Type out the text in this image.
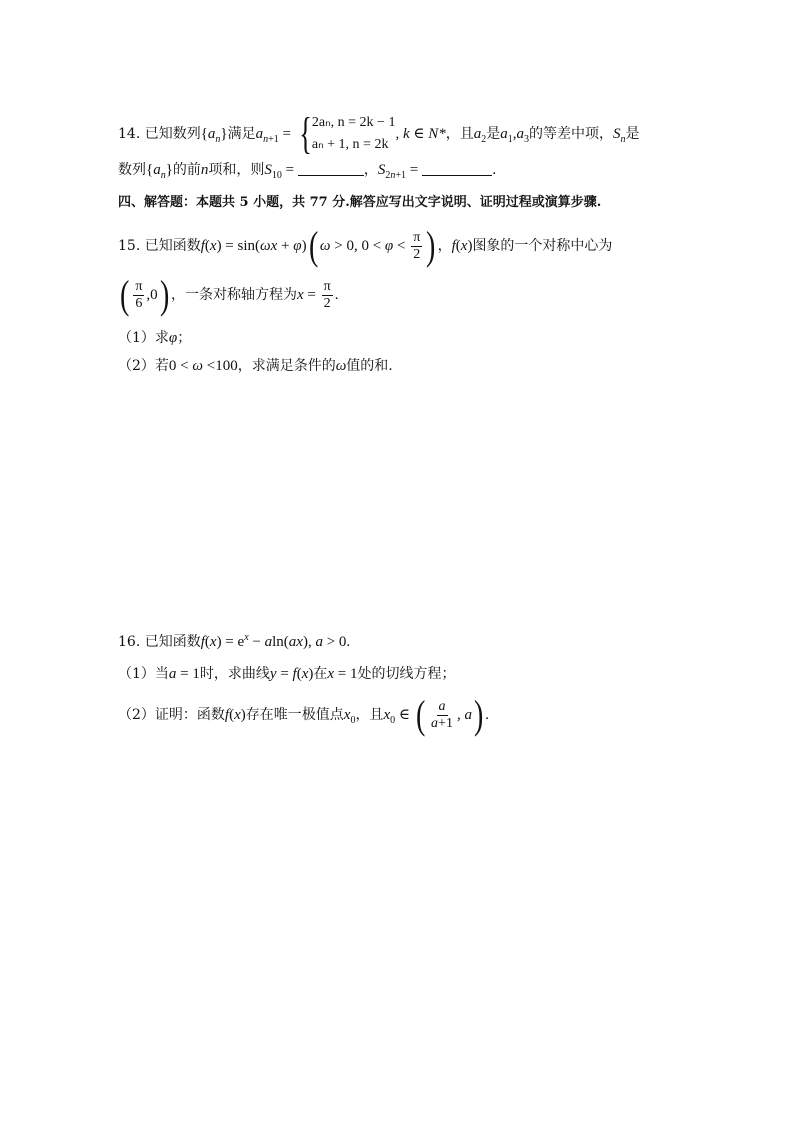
14. 已知数列$\{a_n\}$满足$a_{n+1}$ = { 2aₙ, n = 2k − 1
aₙ + 1, n = 2k
, k ∈ N*，且$a_2$是$a_1,a_3$的等差中项，$S_n$是
数列$\{a_n\}$的前n项和，则$S_{10}$ =	，$S_{2n+1}$ =	.
四、解答题：本题共 5 小题，共 77 分.解答应写出文字说明、证明过程或演算步骤.
15. 已知函数f(x) = sin(ωx + φ)( ω > 0, $0 < \varphi < \frac{\pi}{2}$ ) ，f(x)图象的一个对称中心为
( $\frac{\pi}{6} ,0$) ，一条对称轴方程为$x = \frac{\pi}{2}$ .
（1）求φ；
（2）若0 < ω <100，求满足条件的ω值的和.
16. 已知函数$f(x) = e^x - aln(ax)$, a > 0.
（1）当a = 1时，求曲线y = f(x)在x = 1处的切线方程；
（2）证明：函数f(x)存在唯一极值点$x_0$，且$x_0$ ∈ ( $\frac{a}{a+1}$ , a) .
